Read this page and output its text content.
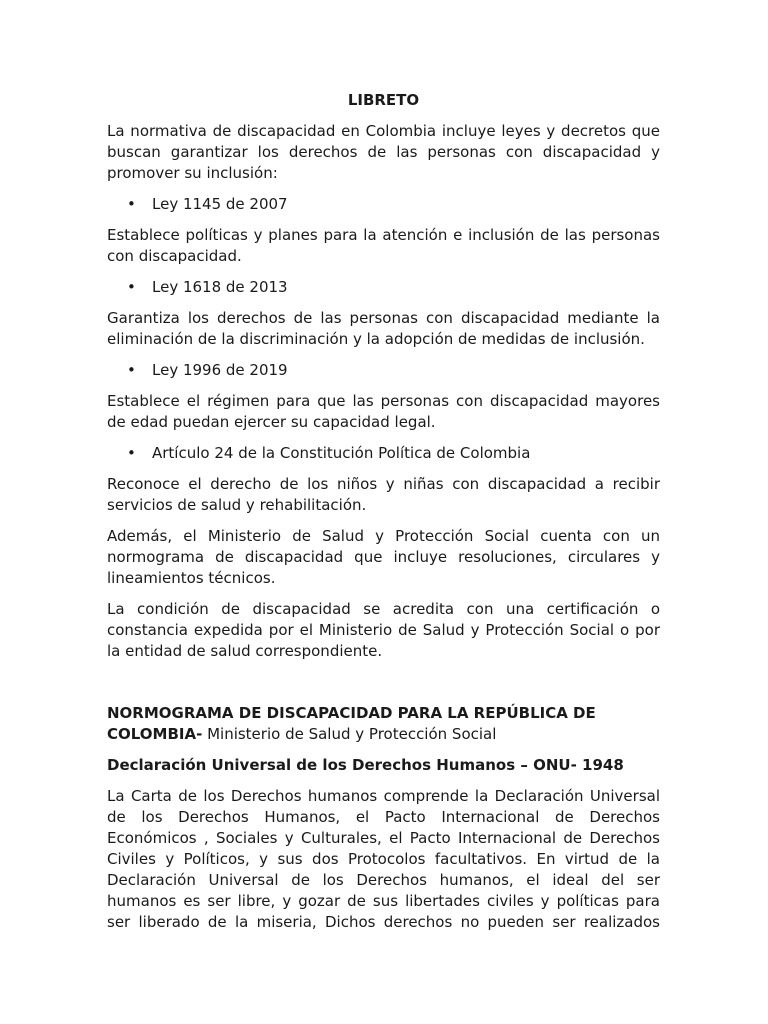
LIBRETO

La normativa de discapacidad en Colombia incluye leyes y decretos que buscan garantizar los derechos de las personas con discapacidad y promover su inclusión:

• Ley 1145 de 2007

Establece políticas y planes para la atención e inclusión de las personas con discapacidad.

• Ley 1618 de 2013

Garantiza los derechos de las personas con discapacidad mediante la eliminación de la discriminación y la adopción de medidas de inclusión.

• Ley 1996 de 2019

Establece el régimen para que las personas con discapacidad mayores de edad puedan ejercer su capacidad legal.

• Artículo 24 de la Constitución Política de Colombia

Reconoce el derecho de los niños y niñas con discapacidad a recibir servicios de salud y rehabilitación.

Además, el Ministerio de Salud y Protección Social cuenta con un normograma de discapacidad que incluye resoluciones, circulares y lineamientos técnicos.

La condición de discapacidad se acredita con una certificación o constancia expedida por el Ministerio de Salud y Protección Social o por la entidad de salud correspondiente.

NORMOGRAMA DE DISCAPACIDAD PARA LA REPÚBLICA DE COLOMBIA- Ministerio de Salud y Protección Social

Declaración Universal de los Derechos Humanos – ONU- 1948

La Carta de los Derechos humanos comprende la Declaración Universal de los Derechos Humanos, el Pacto Internacional de Derechos Económicos , Sociales y Culturales, el Pacto Internacional de Derechos Civiles y Políticos, y sus dos Protocolos facultativos. En virtud de la Declaración Universal de los Derechos humanos, el ideal del ser humanos es ser libre, y gozar de sus libertades civiles y políticas para ser liberado de la miseria, Dichos derechos no pueden ser realizados
